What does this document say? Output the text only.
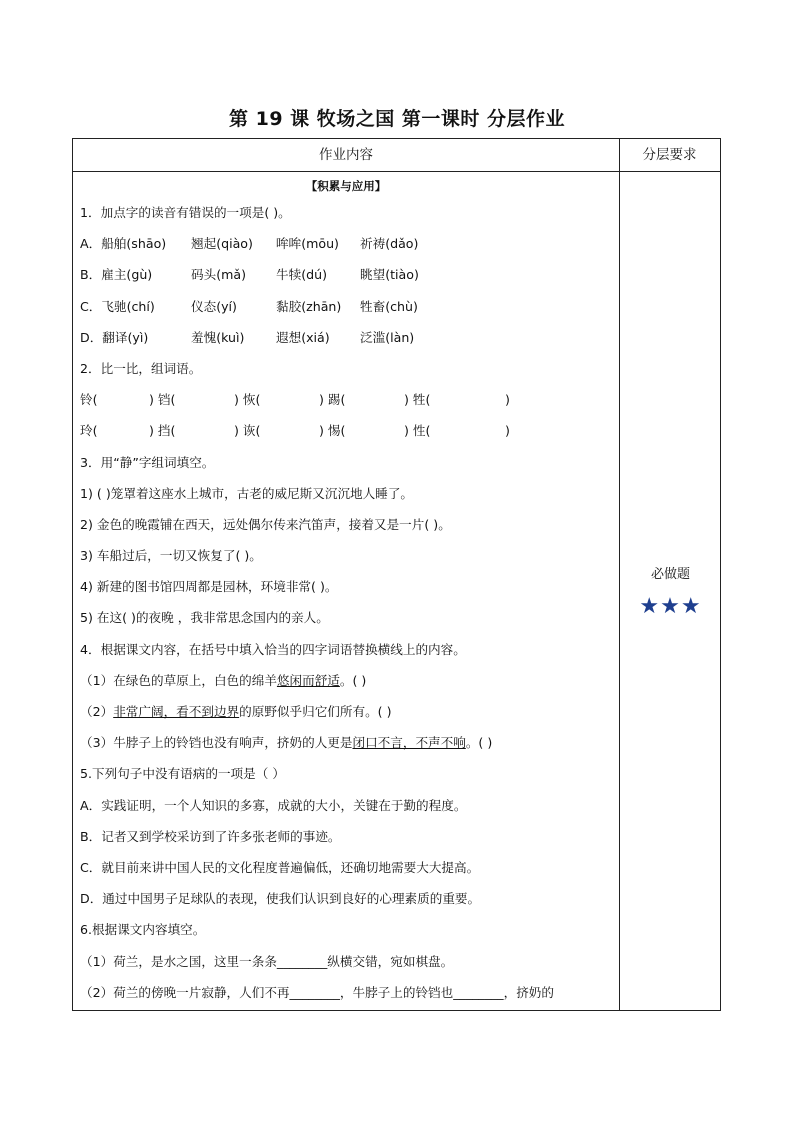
第 19 课 牧场之国 第一课时 分层作业
作业内容	分层要求
【积累与应用】
1．加点字的读音有错误的一项是( )。
A．船舶(shāo) 翘起(qiào) 哞哞(mōu) 祈祷(dǎo)
B．雇主(gù)	码头(mǎ) 牛犊(dú)	眺望(tiào)
C．飞驰(chí)	仪态(yí)	黏胶(zhān) 牲畜(chù)
D．翻译(yì)	羞愧(kuì)	遐想(xiá) 泛滥(làn)
2．比一比，组词语。
铃(	) 铛(	) 恢(	) 踢(	) 牲(	)
玲(	) 挡(	) 诙(	) 惕(	) 性(	)
3．用“静”字组词填空。
1) ( )笼罩着这座水上城市，古老的威尼斯又沉沉地人睡了。
2) 金色的晚霞铺在西天，远处偶尔传来汽笛声，接着又是一片( )。
3) 车船过后，一切又恢复了( )。
4) 新建的图书馆四周都是园林，环境非常( )。
5) 在这( )的夜晚 ，我非常思念国内的亲人。
4．根据课文内容，在括号中填入恰当的四字词语替换横线上的内容。
（1）在绿色的草原上，白色的绵羊悠闲而舒适。( )
（2）非常广阔，看不到边界的原野似乎归它们所有。( )
（3）牛脖子上的铃铛也没有响声，挤奶的人更是闭口不言，不声不响。( )
5.下列句子中没有语病的一项是（ ）
A．实践证明，一个人知识的多寡，成就的大小，关键在于勤的程度。
B．记者又到学校采访到了许多张老师的事迹。
C．就目前来讲中国人民的文化程度普遍偏低，还确切地需要大大提高。
D．通过中国男子足球队的表现，使我们认识到良好的心理素质的重要。
6.根据课文内容填空。
（1）荷兰，是水之国，这里一条条________纵横交错，宛如棋盘。
（2）荷兰的傍晚一片寂静，人们不再________，牛脖子上的铃铛也________，挤奶的
必做题
★★★
